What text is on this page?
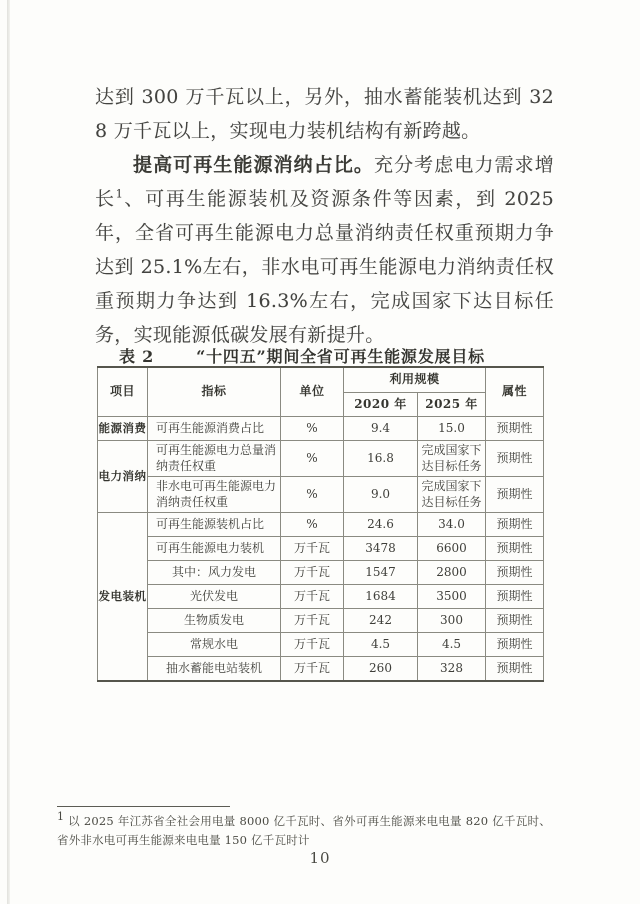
达到 300 万千瓦以上，另外，抽水蓄能装机达到 328 万千瓦以上，实现电力装机结构有新跨越。

提高可再生能源消纳占比。充分考虑电力需求增长$^1$、可再生能源装机及资源条件等因素，到 2025 年，全省可再生能源电力总量消纳责任权重预期力争达到 25.1%左右，非水电可再生能源电力消纳责任权重预期力争达到 16.3%左右，完成国家下达目标任务，实现能源低碳发展有新提升。

表 2	“十四五”期间全省可再生能源发展目标
项目	指标	单位	利用规模		属性
			2020 年	2025 年	
能源消费	可再生能源消费占比	%	9.4	15.0	预期性
电力消纳	可再生能源电力总量消纳责任权重	%	16.8	完成国家下达目标任务	预期性
	非水电可再生能源电力消纳责任权重	%	9.0	完成国家下达目标任务	预期性
发电装机	可再生能源装机占比	%	24.6	34.0	预期性
	可再生能源电力装机	万千瓦	3478	6600	预期性
	其中：风力发电	万千瓦	1547	2800	预期性
	光伏发电	万千瓦	1684	3500	预期性
	生物质发电	万千瓦	242	300	预期性
	常规水电	万千瓦	4.5	4.5	预期性
	抽水蓄能电站装机	万千瓦	260	328	预期性
$^1$ 以 2025 年江苏省全社会用电量 8000 亿千瓦时、省外可再生能源来电电量 820 亿千瓦时、省外非水电可再生能源来电电量 150 亿千瓦时计
10
